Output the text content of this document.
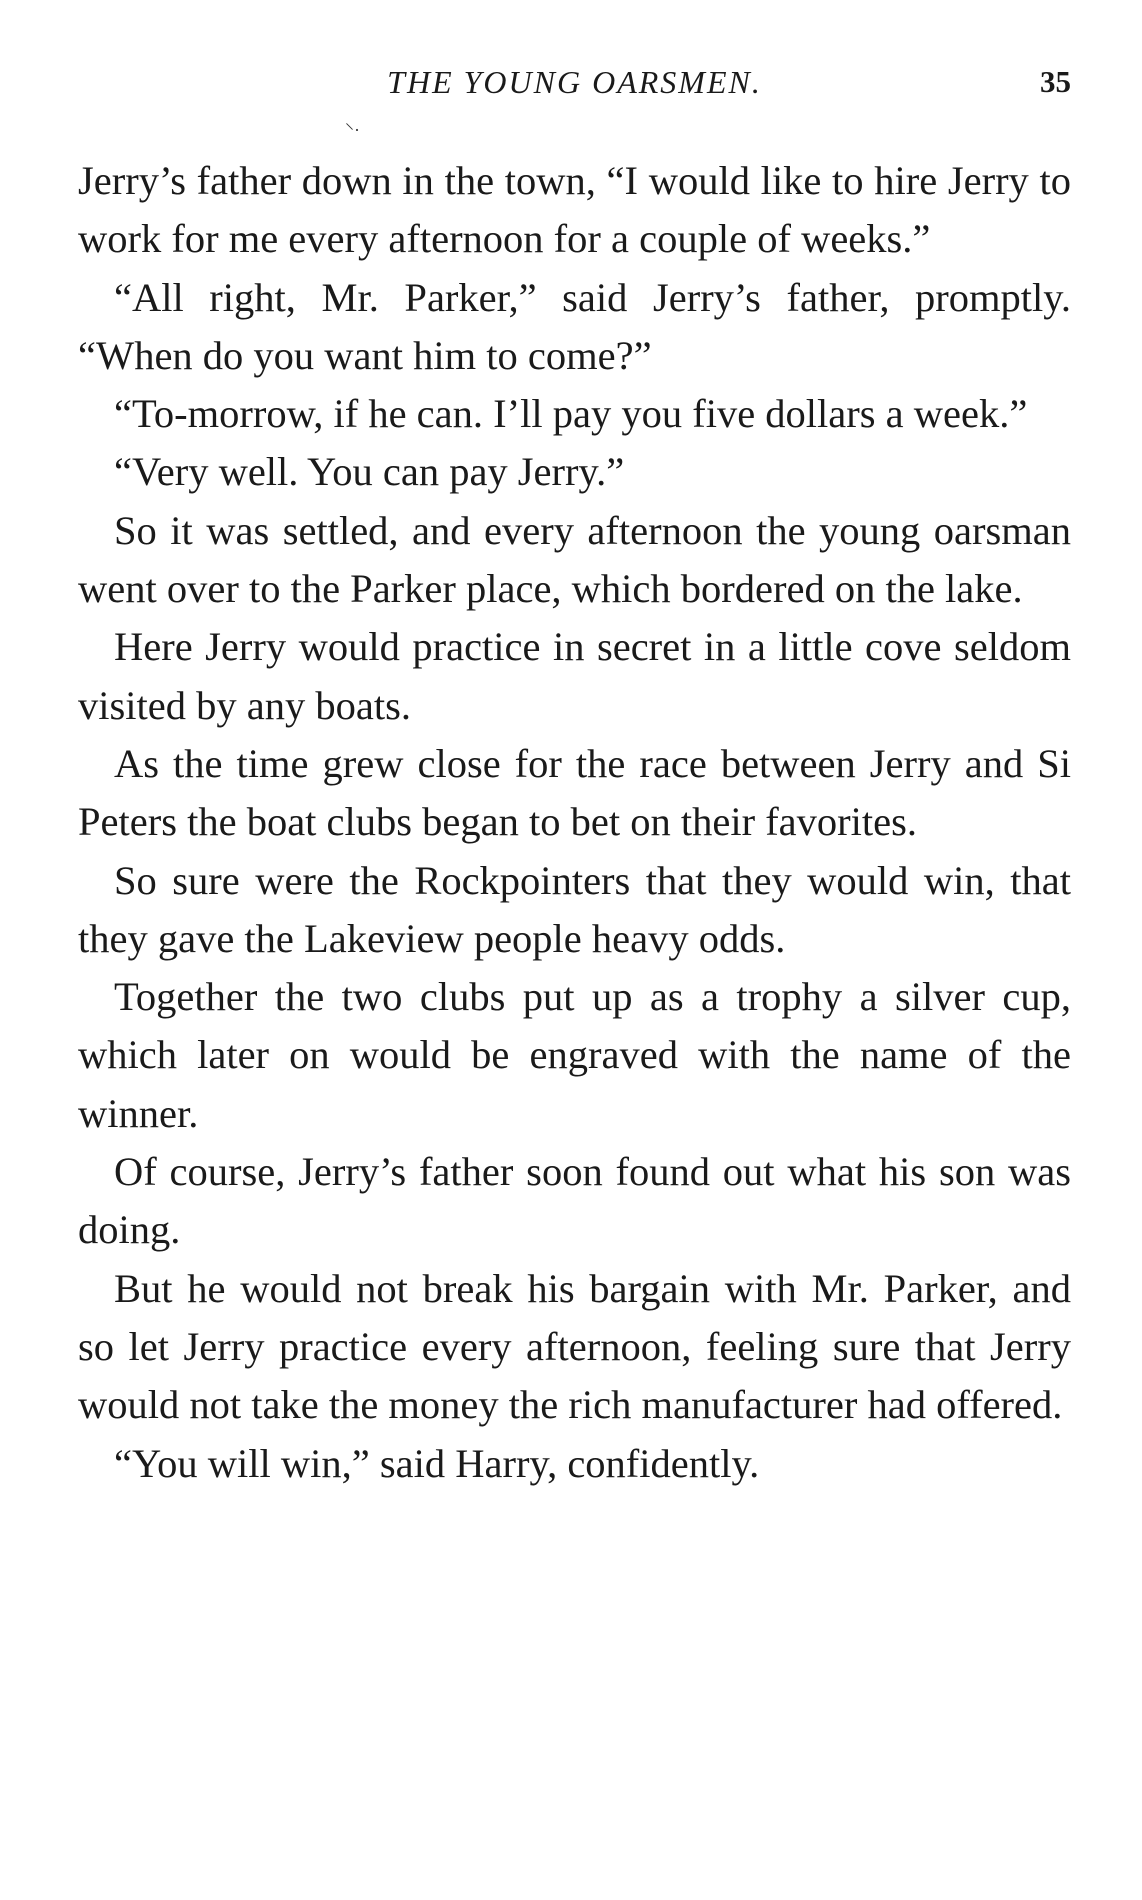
THE YOUNG OARSMEN.	35
⸌·

Jerry’s father down in the town, “I would like to hire Jerry to work for me every afternoon for a couple of weeks.”

“All right, Mr. Parker,” said Jerry’s father, promptly. “When do you want him to come?”

“To-morrow, if he can. I’ll pay you five dollars a week.”

“Very well. You can pay Jerry.”

So it was settled, and every afternoon the young oarsman went over to the Parker place, which bordered on the lake.

Here Jerry would practice in secret in a little cove seldom visited by any boats.

As the time grew close for the race between Jerry and Si Peters the boat clubs began to bet on their favorites.

So sure were the Rockpointers that they would win, that they gave the Lakeview people heavy odds.

Together the two clubs put up as a trophy a silver cup, which later on would be engraved with the name of the winner.

Of course, Jerry’s father soon found out what his son was doing.

But he would not break his bargain with Mr. Parker, and so let Jerry practice every afternoon, feeling sure that Jerry would not take the money the rich manufacturer had offered.

“You will win,” said Harry, confidently.
